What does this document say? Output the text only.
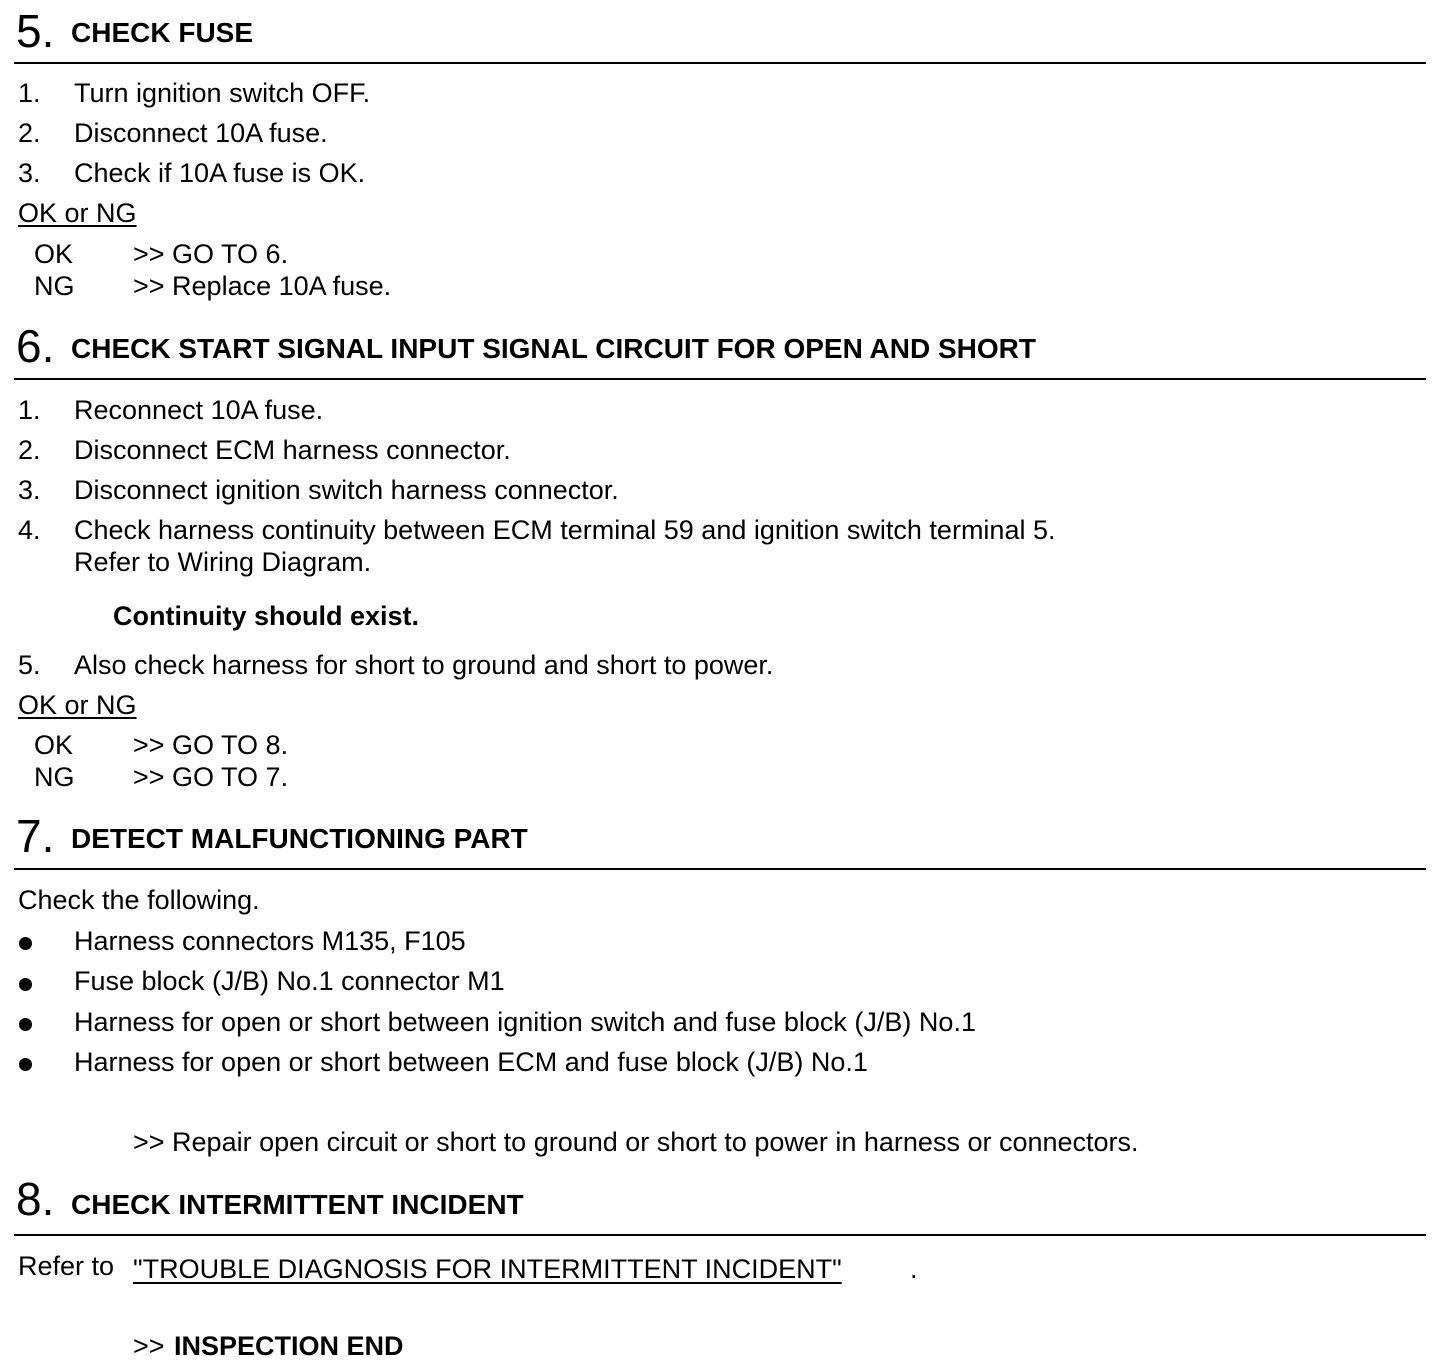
5. CHECK FUSE
1. Turn ignition switch OFF.
2. Disconnect 10A fuse.
3. Check if 10A fuse is OK.
OK or NG
OK >> GO TO 6.
NG >> Replace 10A fuse.
6. CHECK START SIGNAL INPUT SIGNAL CIRCUIT FOR OPEN AND SHORT
1. Reconnect 10A fuse.
2. Disconnect ECM harness connector.
3. Disconnect ignition switch harness connector.
4. Check harness continuity between ECM terminal 59 and ignition switch terminal 5.
Refer to Wiring Diagram.
Continuity should exist.
5. Also check harness for short to ground and short to power.
OK or NG
OK >> GO TO 8.
NG >> GO TO 7.
7. DETECT MALFUNCTIONING PART
Check the following.
Harness connectors M135, F105
Fuse block (J/B) No.1 connector M1
Harness for open or short between ignition switch and fuse block (J/B) No.1
Harness for open or short between ECM and fuse block (J/B) No.1
>> Repair open circuit or short to ground or short to power in harness or connectors.
8. CHECK INTERMITTENT INCIDENT
Refer to "TROUBLE DIAGNOSIS FOR INTERMITTENT INCIDENT"	.
>> INSPECTION END
